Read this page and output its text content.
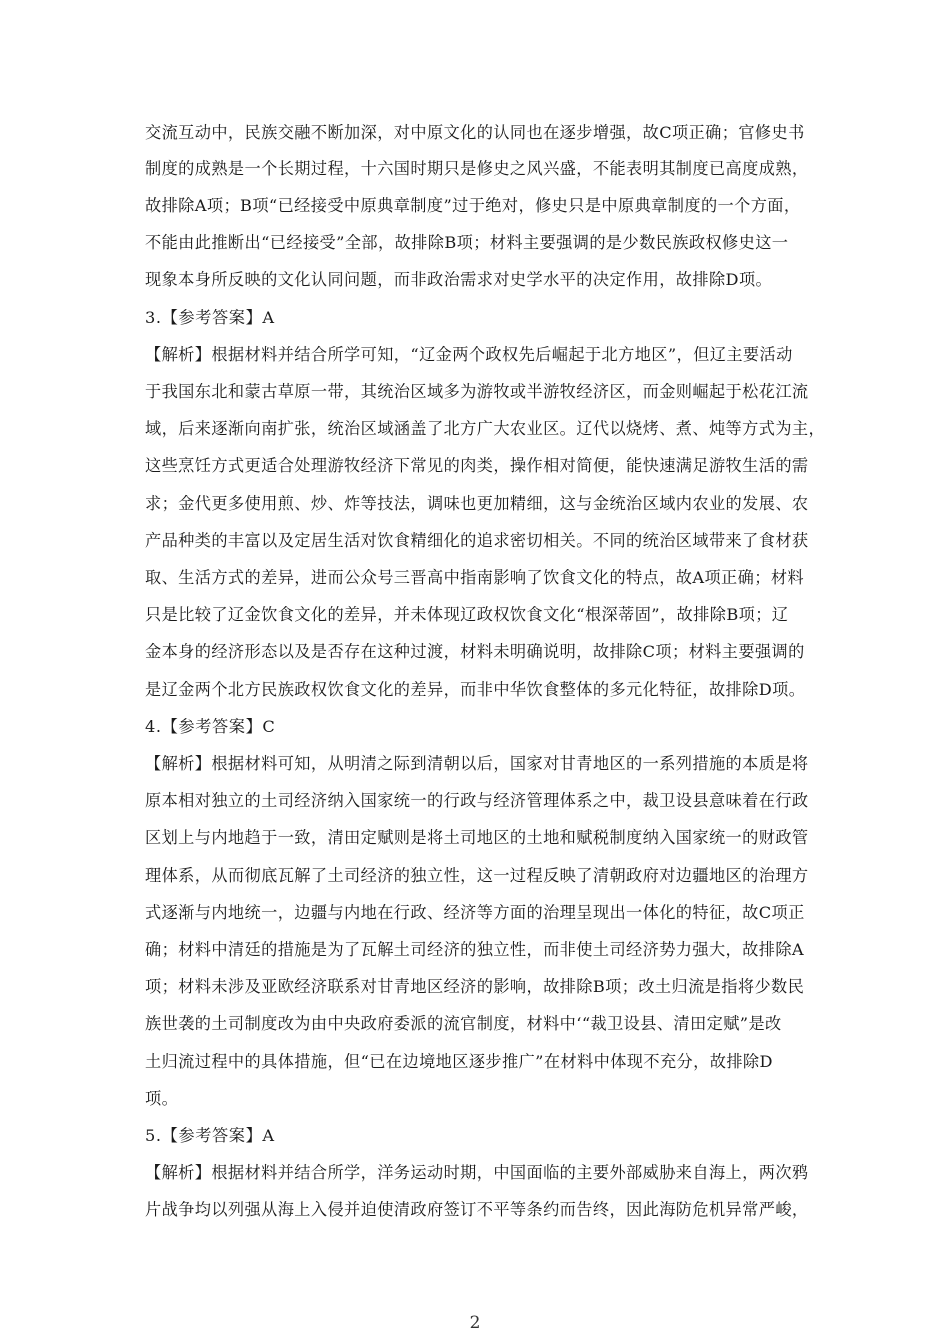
交流互动中，民族交融不断加深，对中原文化的认同也在逐步增强，故C项正确；官修史书
制度的成熟是一个长期过程，十六国时期只是修史之风兴盛，不能表明其制度已高度成熟，
故排除A项；B项“已经接受中原典章制度”过于绝对，修史只是中原典章制度的一个方面，
不能由此推断出“已经接受”全部，故排除B项；材料主要强调的是少数民族政权修史这一
现象本身所反映的文化认同问题，而非政治需求对史学水平的决定作用，故排除D项。
3.【参考答案】A
【解析】根据材料并结合所学可知，“辽金两个政权先后崛起于北方地区”，但辽主要活动
于我国东北和蒙古草原一带，其统治区域多为游牧或半游牧经济区，而金则崛起于松花江流
域，后来逐渐向南扩张，统治区域涵盖了北方广大农业区。辽代以烧烤、煮、炖等方式为主，
这些烹饪方式更适合处理游牧经济下常见的肉类，操作相对简便，能快速满足游牧生活的需
求；金代更多使用煎、炒、炸等技法，调味也更加精细，这与金统治区域内农业的发展、农
产品种类的丰富以及定居生活对饮食精细化的追求密切相关。不同的统治区域带来了食材获
取、生活方式的差异，进而公众号三晋高中指南影响了饮食文化的特点，故A项正确；材料
只是比较了辽金饮食文化的差异，并未体现辽政权饮食文化“根深蒂固”，故排除B项；辽
金本身的经济形态以及是否存在这种过渡，材料未明确说明，故排除C项；材料主要强调的
是辽金两个北方民族政权饮食文化的差异，而非中华饮食整体的多元化特征，故排除D项。
4.【参考答案】C
【解析】根据材料可知，从明清之际到清朝以后，国家对甘青地区的一系列措施的本质是将
原本相对独立的土司经济纳入国家统一的行政与经济管理体系之中，裁卫设县意味着在行政
区划上与内地趋于一致，清田定赋则是将土司地区的土地和赋税制度纳入国家统一的财政管
理体系，从而彻底瓦解了土司经济的独立性，这一过程反映了清朝政府对边疆地区的治理方
式逐渐与内地统一，边疆与内地在行政、经济等方面的治理呈现出一体化的特征，故C项正
确；材料中清廷的措施是为了瓦解土司经济的独立性，而非使土司经济势力强大，故排除A
项；材料未涉及亚欧经济联系对甘青地区经济的影响，故排除B项；改土归流是指将少数民
族世袭的土司制度改为由中央政府委派的流官制度，材料中‘“裁卫设县、清田定赋”是改
土归流过程中的具体措施，但“已在边境地区逐步推广”在材料中体现不充分，故排除D
项。
5.【参考答案】A
【解析】根据材料并结合所学，洋务运动时期，中国面临的主要外部威胁来自海上，两次鸦
片战争均以列强从海上入侵并迫使清政府签订不平等条约而告终，因此海防危机异常严峻，
2
